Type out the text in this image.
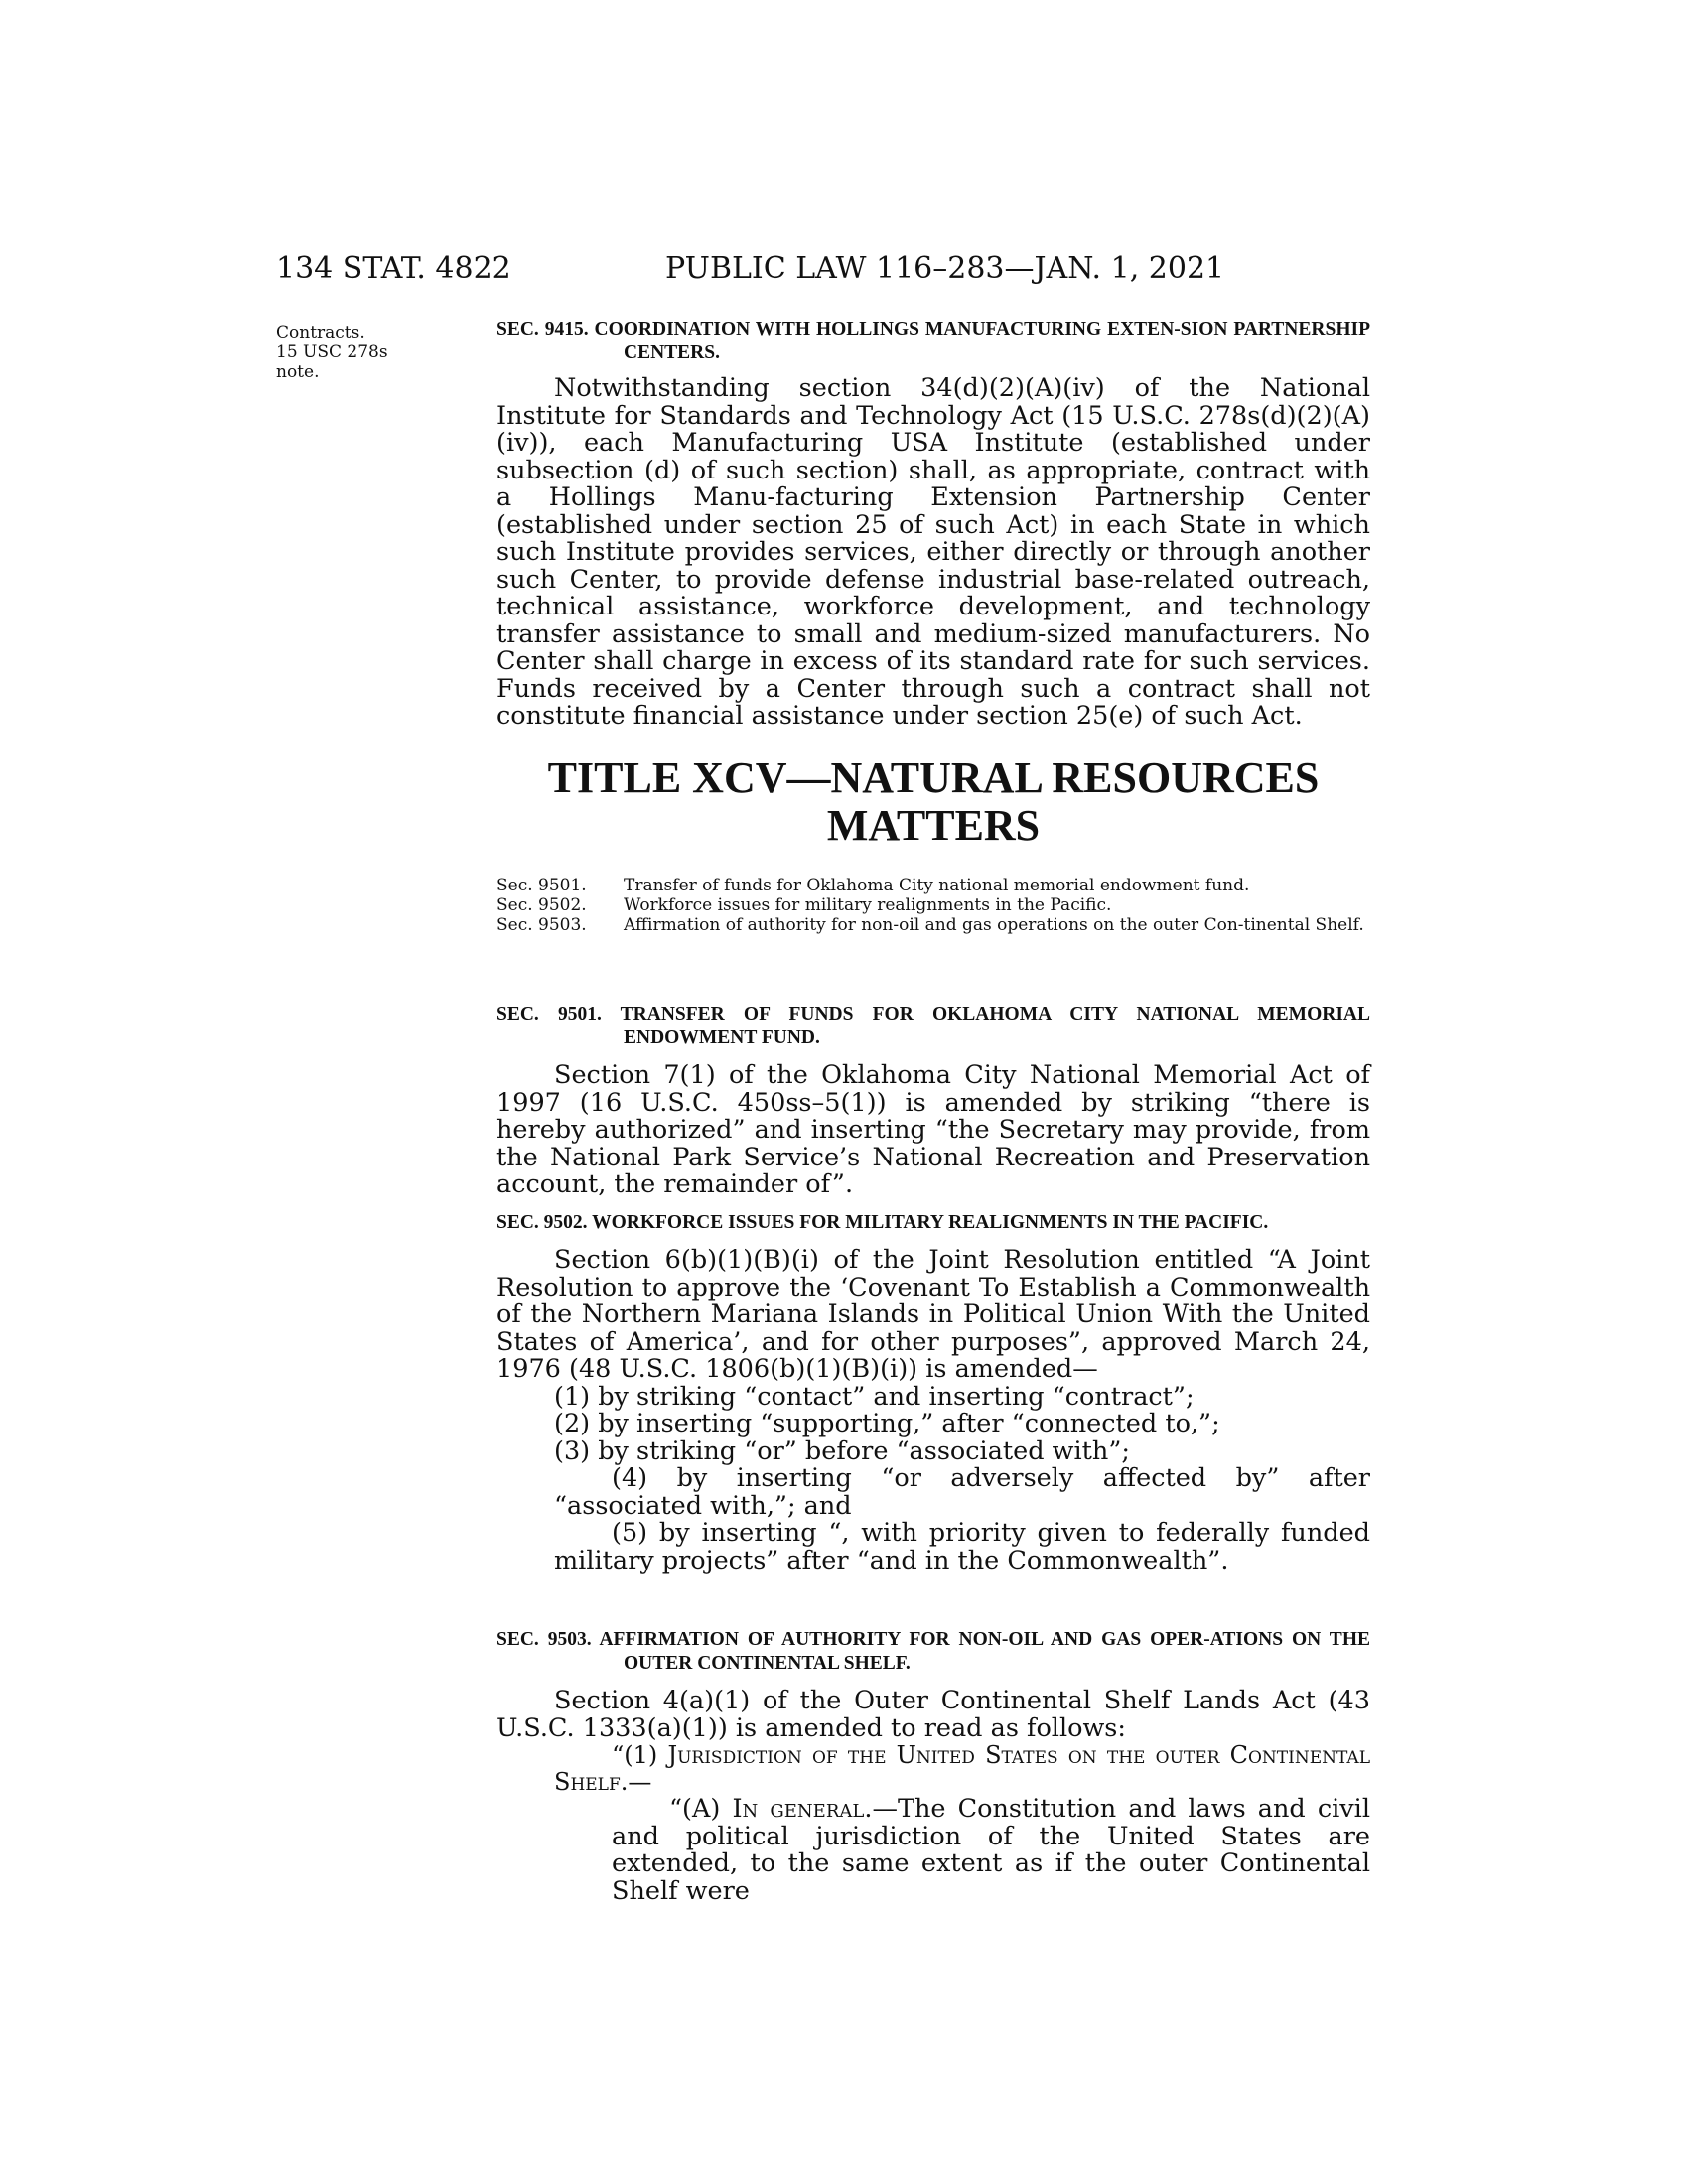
134 STAT. 4822	PUBLIC LAW 116–283—JAN. 1, 2021
Contracts.
15 USC 278s
note.
SEC. 9415. COORDINATION WITH HOLLINGS MANUFACTURING EXTEN-SION PARTNERSHIP CENTERS.

Notwithstanding section 34(d)(2)(A)(iv) of the National Institute for Standards and Technology Act (15 U.S.C. 278s(d)(2)(A)(iv)), each Manufacturing USA Institute (established under subsection (d) of such section) shall, as appropriate, contract with a Hollings Manu-facturing Extension Partnership Center (established under section 25 of such Act) in each State in which such Institute provides services, either directly or through another such Center, to provide defense industrial base-related outreach, technical assistance, workforce development, and technology transfer assistance to small and medium-sized manufacturers. No Center shall charge in excess of its standard rate for such services. Funds received by a Center through such a contract shall not constitute financial assistance under section 25(e) of such Act.

TITLE XCV—NATURAL RESOURCES

MATTERS

Sec. 9501.	Transfer of funds for Oklahoma City national memorial endowment fund.
Sec. 9502.	Workforce issues for military realignments in the Pacific.
Sec. 9503.	Affirmation of authority for non-oil and gas operations on the outer Con-tinental Shelf.
SEC. 9501. TRANSFER OF FUNDS FOR OKLAHOMA CITY NATIONAL MEMORIAL ENDOWMENT FUND.

Section 7(1) of the Oklahoma City National Memorial Act of 1997 (16 U.S.C. 450ss–5(1)) is amended by striking “there is hereby authorized” and inserting “the Secretary may provide, from the National Park Service’s National Recreation and Preservation account, the remainder of”.

SEC. 9502. WORKFORCE ISSUES FOR MILITARY REALIGNMENTS IN THE PACIFIC.

Section 6(b)(1)(B)(i) of the Joint Resolution entitled “A Joint Resolution to approve the ‘Covenant To Establish a Commonwealth of the Northern Mariana Islands in Political Union With the United States of America’, and for other purposes”, approved March 24, 1976 (48 U.S.C. 1806(b)(1)(B)(i)) is amended—

(1) by striking “contact” and inserting “contract”;

(2) by inserting “supporting,” after “connected to,”;

(3) by striking “or” before “associated with”;

(4) by inserting “or adversely affected by” after “associated with,”; and

(5) by inserting “, with priority given to federally funded military projects” after “and in the Commonwealth”.

SEC. 9503. AFFIRMATION OF AUTHORITY FOR NON-OIL AND GAS OPER-ATIONS ON THE OUTER CONTINENTAL SHELF.

Section 4(a)(1) of the Outer Continental Shelf Lands Act (43 U.S.C. 1333(a)(1)) is amended to read as follows:

“(1) Jurisdiction of the United States on the outer Continental Shelf.—

“(A) In general.—The Constitution and laws and civil and political jurisdiction of the United States are extended, to the same extent as if the outer Continental Shelf were
